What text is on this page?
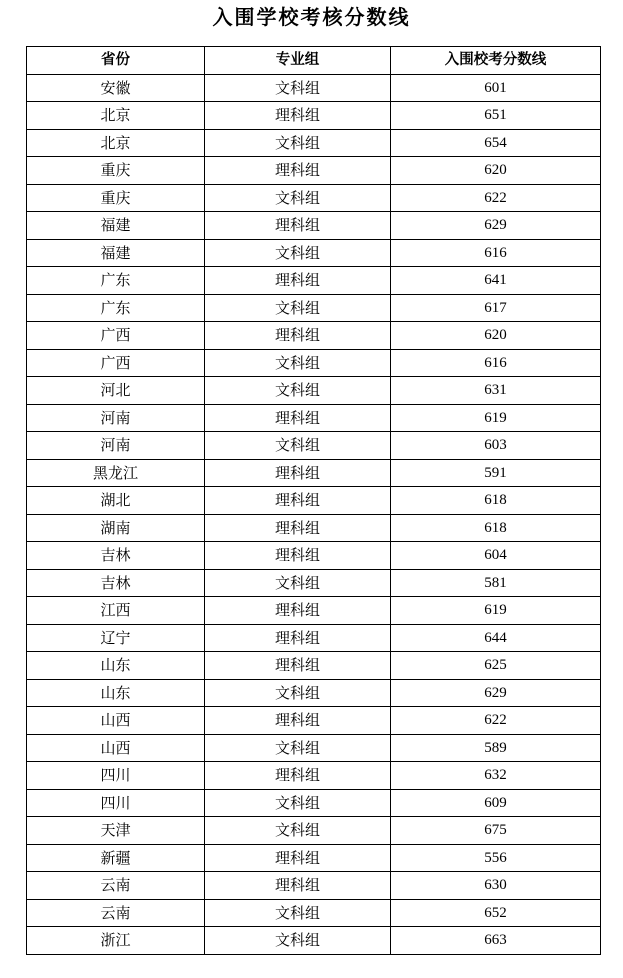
入围学校考核分数线
省份	专业组	入围校考分数线
安徽	文科组	601
北京	理科组	651
北京	文科组	654
重庆	理科组	620
重庆	文科组	622
福建	理科组	629
福建	文科组	616
广东	理科组	641
广东	文科组	617
广西	理科组	620
广西	文科组	616
河北	文科组	631
河南	理科组	619
河南	文科组	603
黑龙江	理科组	591
湖北	理科组	618
湖南	理科组	618
吉林	理科组	604
吉林	文科组	581
江西	理科组	619
辽宁	理科组	644
山东	理科组	625
山东	文科组	629
山西	理科组	622
山西	文科组	589
四川	理科组	632
四川	文科组	609
天津	文科组	675
新疆	理科组	556
云南	理科组	630
云南	文科组	652
浙江	文科组	663
